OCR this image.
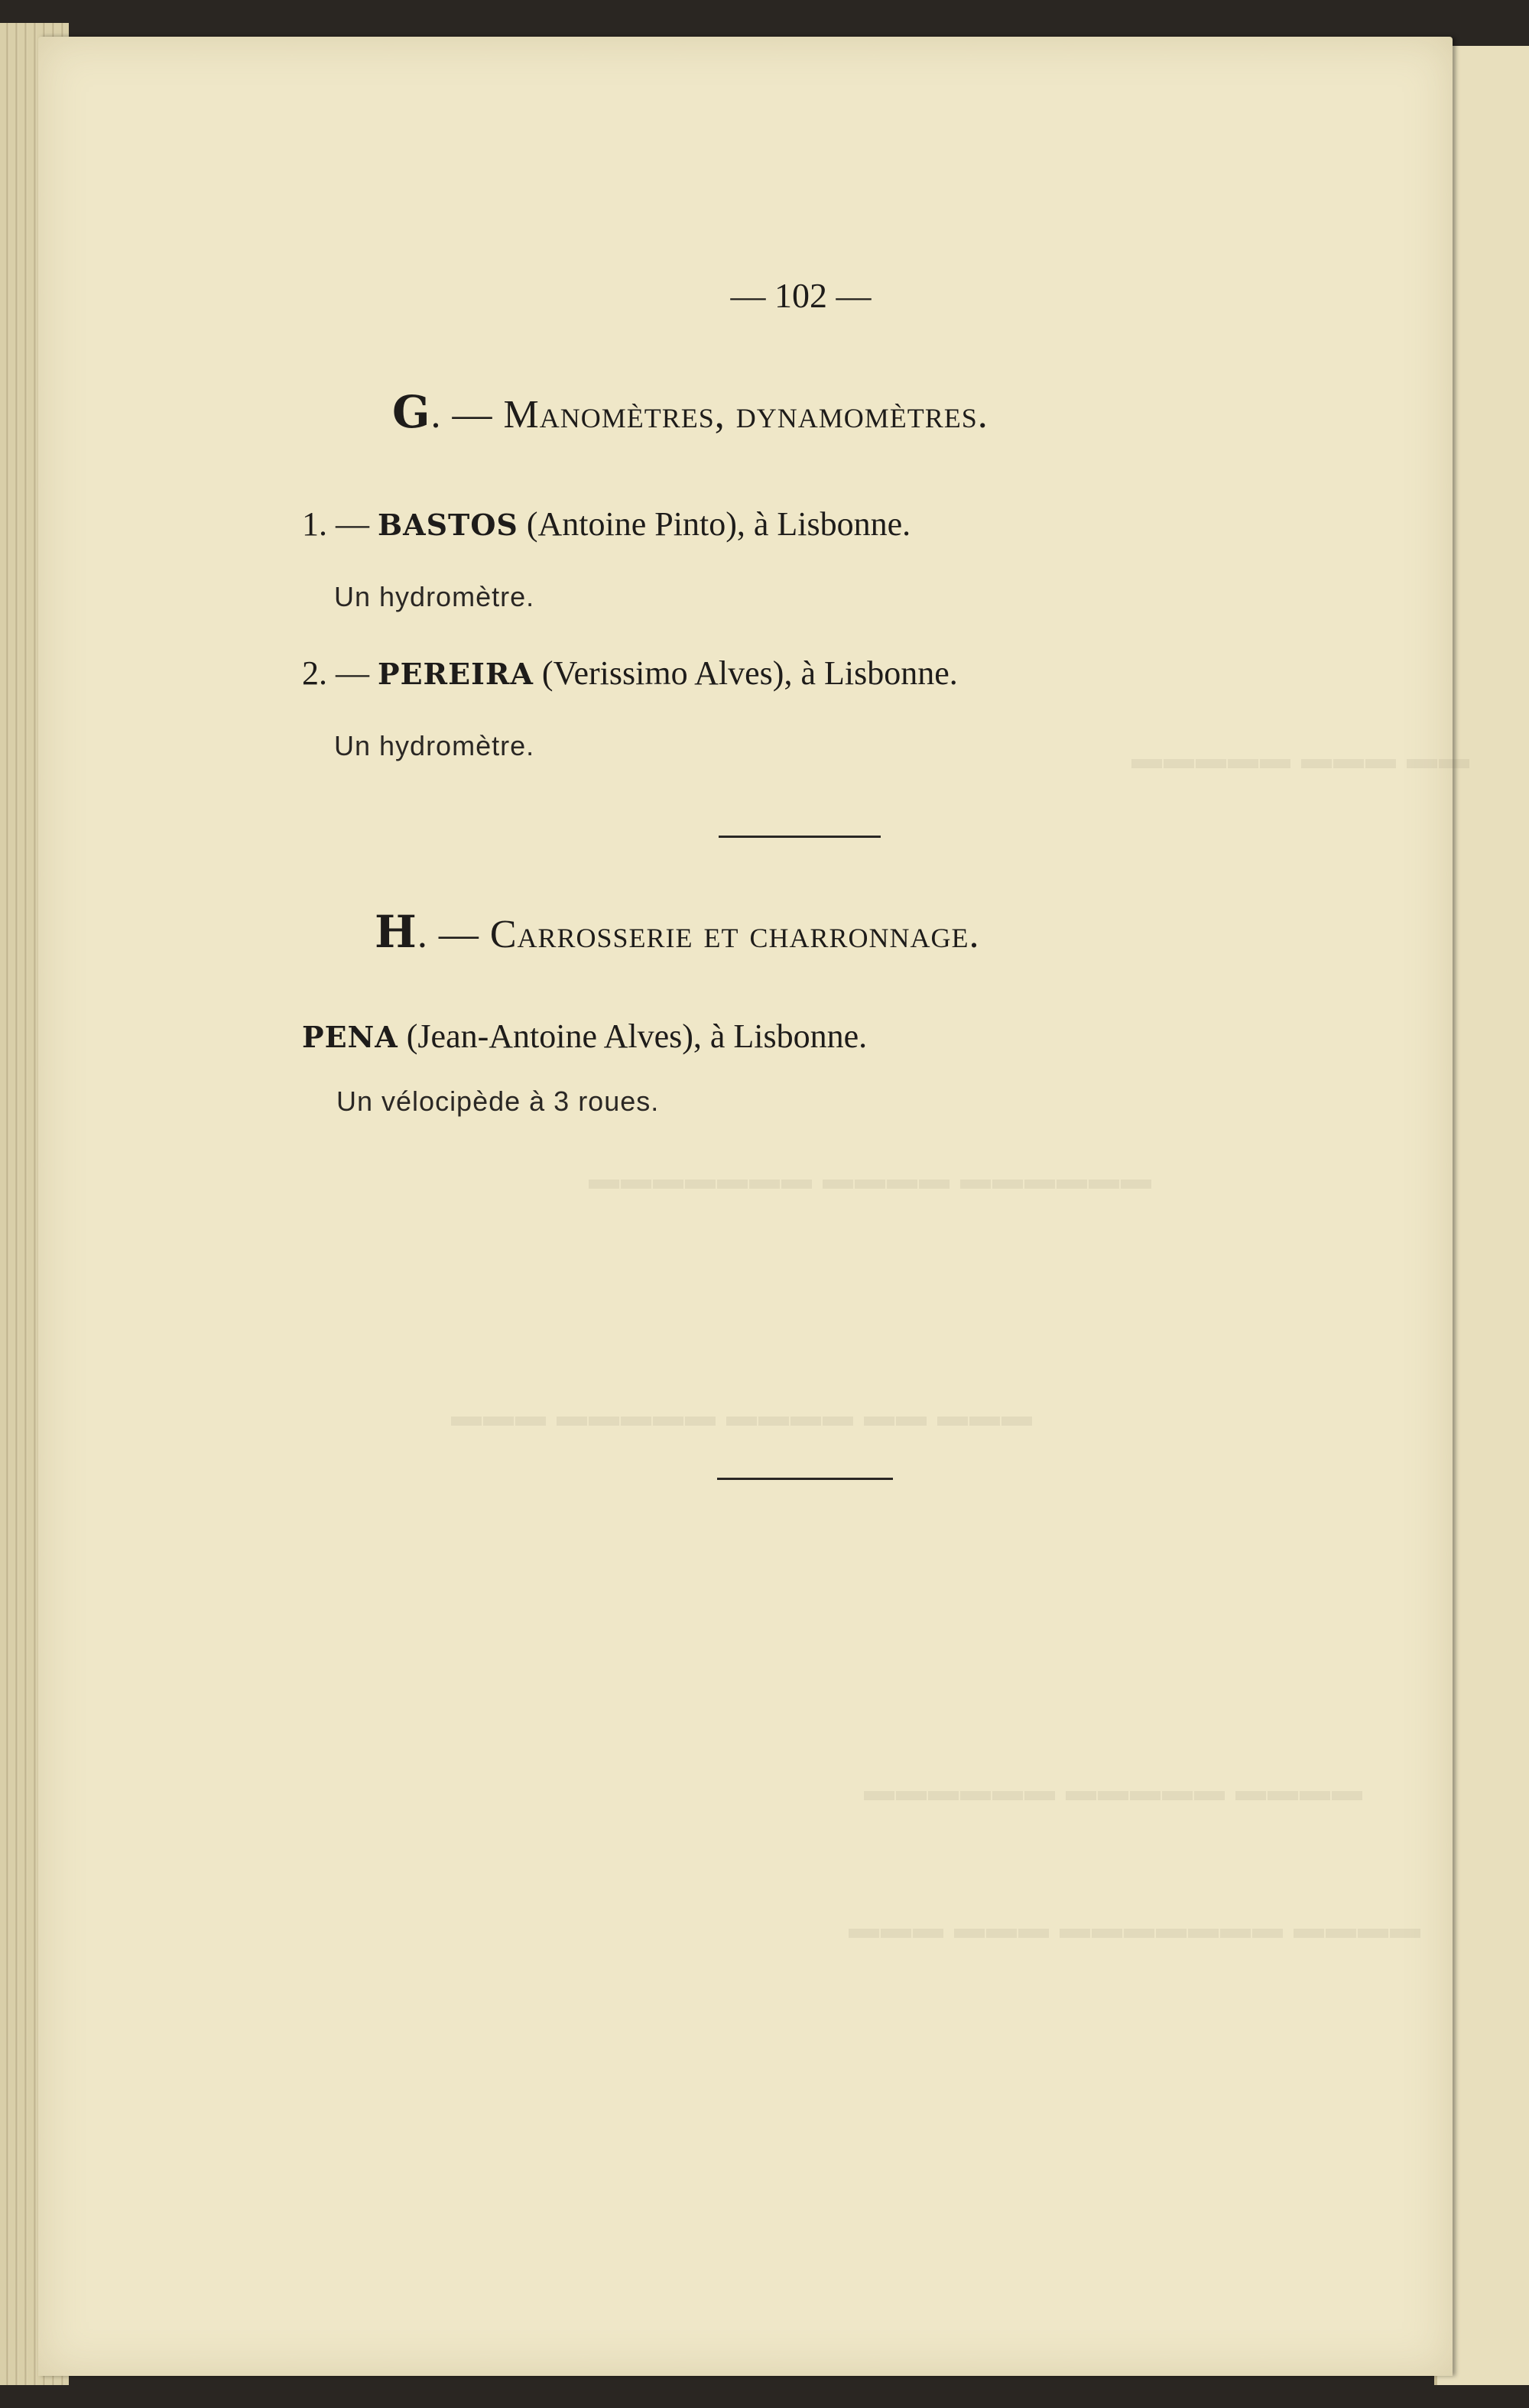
▬▬▬▬▬ ▬▬▬ ▬▬
▬▬▬▬▬▬▬ ▬▬▬▬ ▬▬▬▬▬▬
▬▬▬ ▬▬▬▬▬ ▬▬▬▬ ▬▬ ▬▬▬
▬▬▬▬▬▬ ▬▬▬▬▬ ▬▬▬▬
▬▬▬ ▬▬▬ ▬▬▬▬▬▬▬ ▬▬▬▬
— 102 —
G. — Manomètres, dynamomètres.
1. — BASTOS (Antoine Pinto), à Lisbonne.
Un hydromètre.
2. — PEREIRA (Verissimo Alves), à Lisbonne.
Un hydromètre.
H. — Carrosserie et charronnage.
PENA (Jean-Antoine Alves), à Lisbonne.
Un vélocipède à 3 roues.
